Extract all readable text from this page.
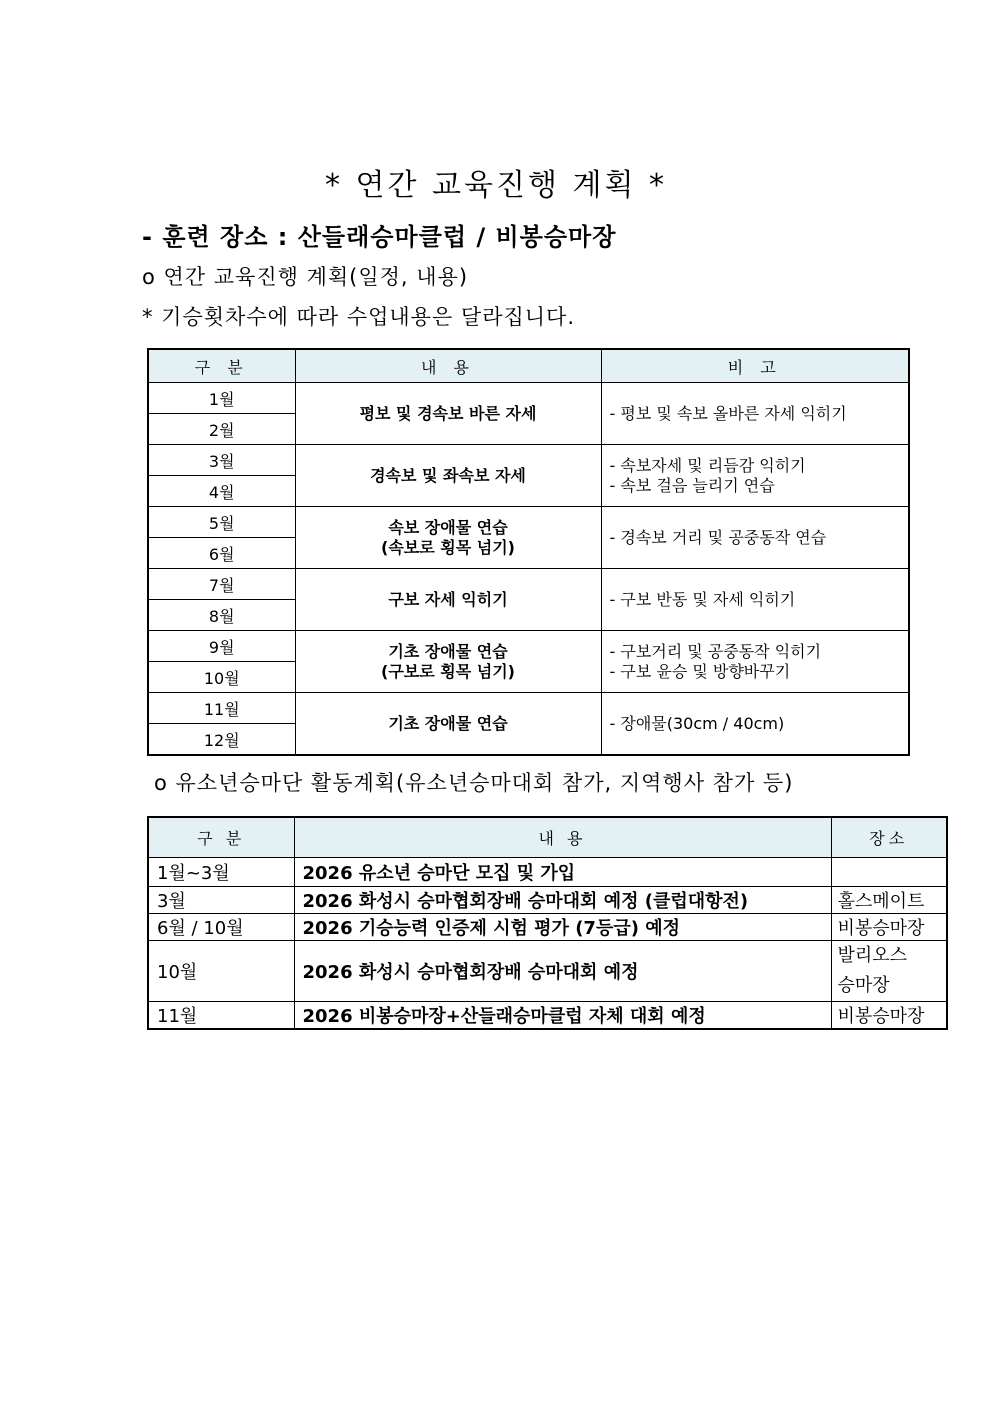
* 연간 교육진행 계획 *
- 훈련 장소 : 산들래승마클럽 / 비봉승마장
o 연간 교육진행 계획(일정, 내용)
* 기승횟차수에 따라 수업내용은 달라집니다.
구 분	내 용	비 고
1월	평보 및 경속보 바른 자세	- 평보 및 속보 올바른 자세 익히기

2월		
3월	경속보 및 좌속보 자세	- 속보자세 및 리듬감 익히기
- 속보 걸음 늘리기 연습
4월		
5월	속보 장애물 연습
(속보로 횡목 넘기)	- 경속보 거리 및 공중동작 연습

6월		
7월	구보 자세 익히기	- 구보 반동 및 자세 익히기

8월		
9월	기초 장애물 연습
(구보로 횡목 넘기)	- 구보거리 및 공중동작 익히기
- 구보 윤승 및 방향바꾸기
10월		
11월	기초 장애물 연습	- 장애물(30cm / 40cm)

12월		
o 유소년승마단 활동계획(유소년승마대회 참가, 지역행사 참가 등)
구 분	내 용	장소
1월~3월	2026 유소년 승마단 모집 및 가입	
3월	2026 화성시 승마협회장배 승마대회 예정 (클럽대항전)	홀스메이트
6월 / 10월	2026 기승능력 인증제 시험 평가 (7등급) 예정	비봉승마장
10월	2026 화성시 승마협회장배 승마대회 예정	발리오스
승마장

11월	2026 비봉승마장+산들래승마클럽 자체 대회 예정	비봉승마장
